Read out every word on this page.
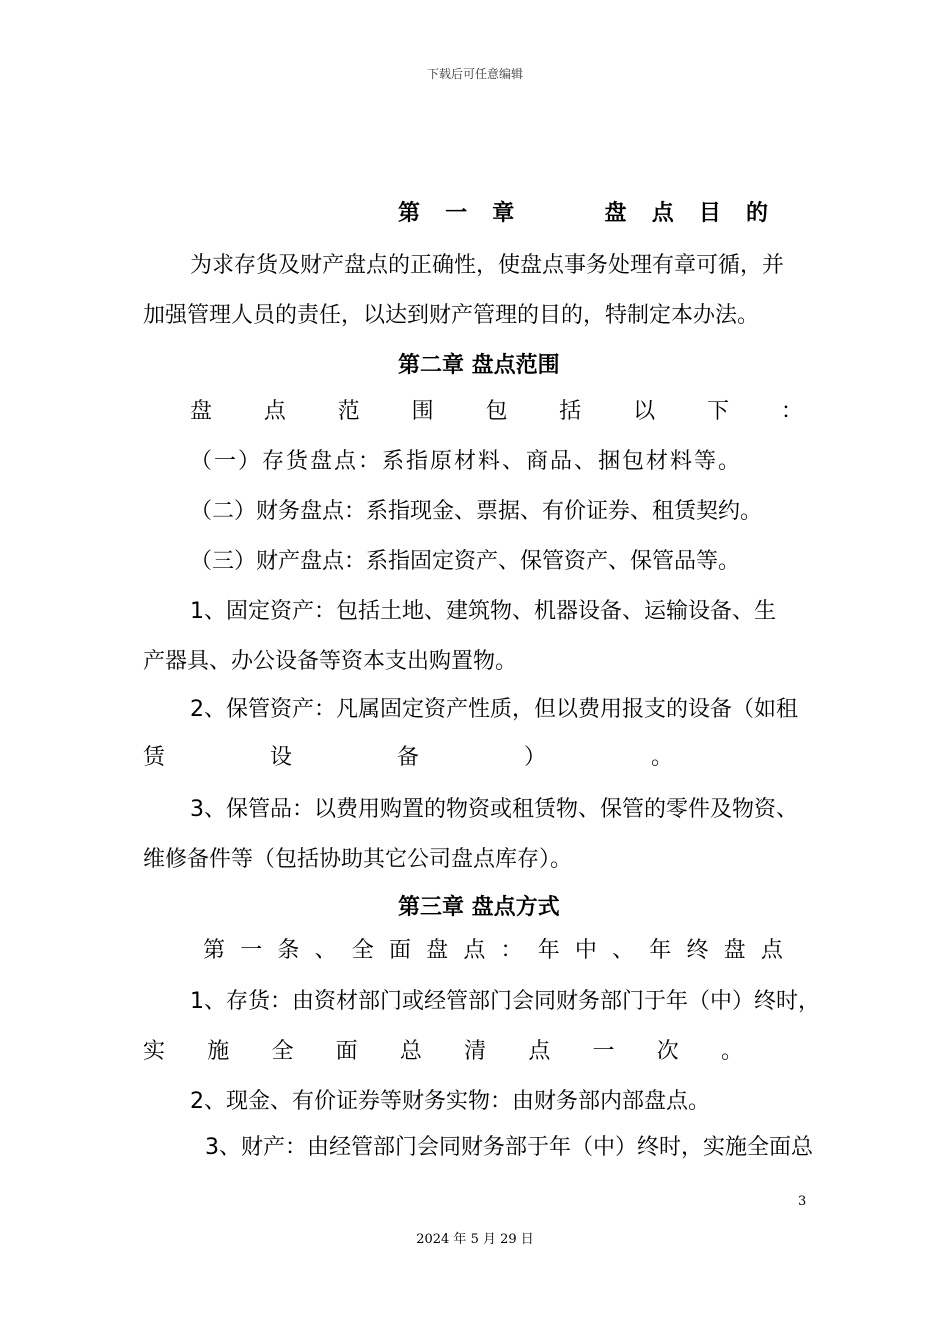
下载后可任意编辑
第 一 章	盘 点 目 的
为求存货及财产盘点的正确性，使盘点事务处理有章可循，并
加强管理人员的责任，以达到财产管理的目的，特制定本办法。
第二章 盘点范围
盘 点 范 围 包 括 以 下 ：
（一）存货盘点：系指原材料、商品、捆包材料等。
（二）财务盘点：系指现金、票据、有价证券、租赁契约。
（三）财产盘点：系指固定资产、保管资产、保管品等。
1、固定资产：包括土地、建筑物、机器设备、运输设备、生
产器具、办公设备等资本支出购置物。
2、保管资产：凡属固定资产性质，但以费用报支的设备（如租
赁	设	备	）	。
3、保管品：以费用购置的物资或租赁物、保管的零件及物资、
维修备件等（包括协助其它公司盘点库存）。
第三章 盘点方式
第 一 条 、 全 面 盘 点 ： 年 中 、 年 终 盘 点
1、存货：由资材部门或经管部门会同财务部门于年（中）终时，
实 施 全 面 总 清 点 一 次 。
2、现金、有价证券等财务实物：由财务部内部盘点。
3、财产：由经管部门会同财务部于年（中）终时，实施全面总
3
2024 年 5 月 29 日
